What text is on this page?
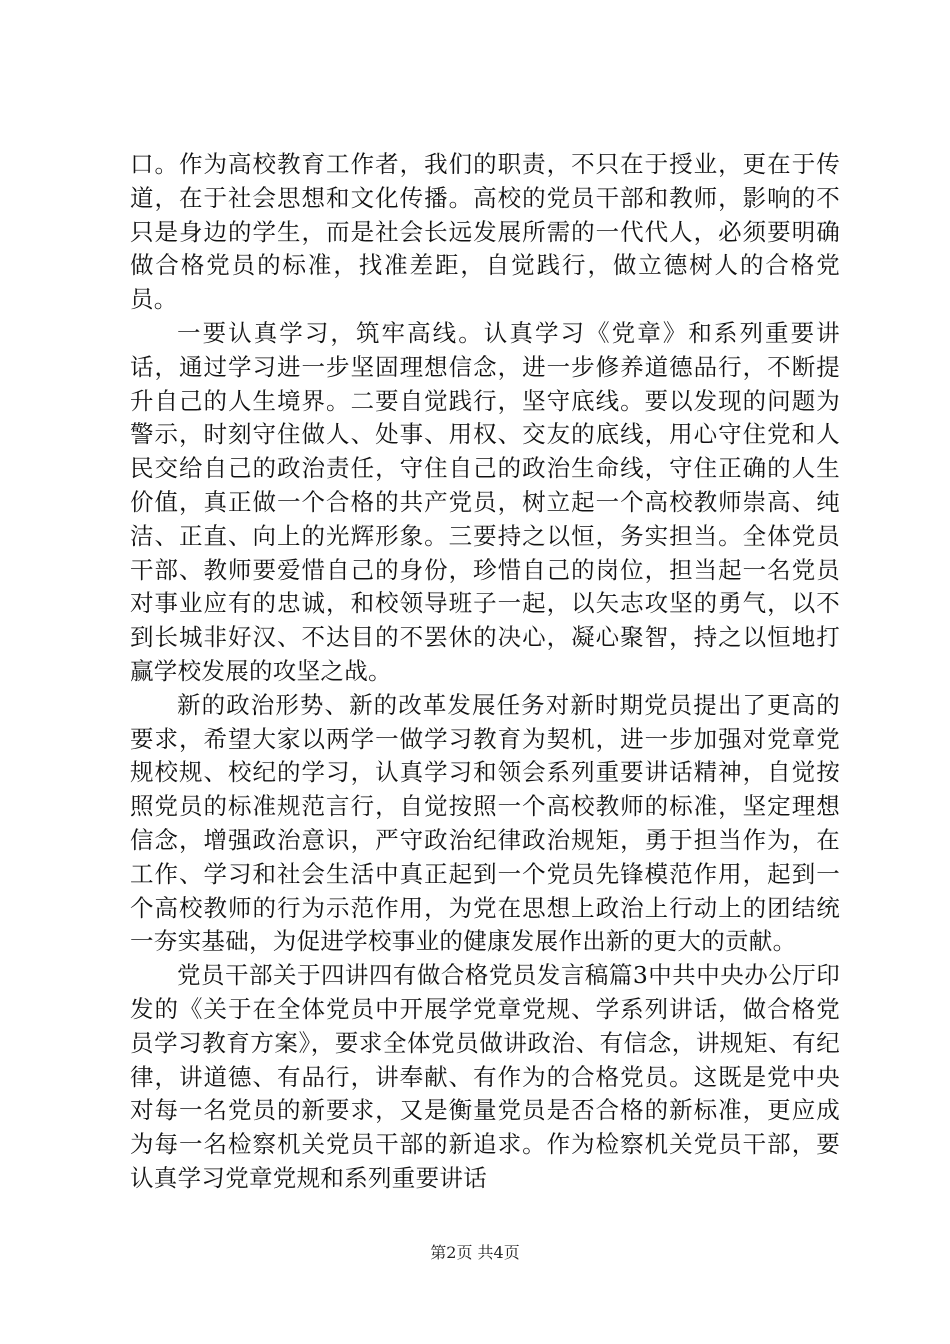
口。作为高校教育工作者，我们的职责，不只在于授业，更在于传道，在于社会思想和文化传播。高校的党员干部和教师，影响的不只是身边的学生，而是社会长远发展所需的一代代人，必须要明确做合格党员的标准，找准差距，自觉践行，做立德树人的合格党员。

一要认真学习，筑牢高线。认真学习《党章》和系列重要讲话，通过学习进一步坚固理想信念，进一步修养道德品行，不断提升自己的人生境界。二要自觉践行，坚守底线。要以发现的问题为警示，时刻守住做人、处事、用权、交友的底线，用心守住党和人民交给自己的政治责任，守住自己的政治生命线，守住正确的人生价值，真正做一个合格的共产党员，树立起一个高校教师崇高、纯洁、正直、向上的光辉形象。三要持之以恒，务实担当。全体党员干部、教师要爱惜自己的身份，珍惜自己的岗位，担当起一名党员对事业应有的忠诚，和校领导班子一起，以矢志攻坚的勇气，以不到长城非好汉、不达目的不罢休的决心，凝心聚智，持之以恒地打赢学校发展的攻坚之战。

新的政治形势、新的改革发展任务对新时期党员提出了更高的要求，希望大家以两学一做学习教育为契机，进一步加强对党章党规校规、校纪的学习，认真学习和领会系列重要讲话精神，自觉按照党员的标准规范言行，自觉按照一个高校教师的标准，坚定理想信念，增强政治意识，严守政治纪律政治规矩，勇于担当作为，在工作、学习和社会生活中真正起到一个党员先锋模范作用，起到一个高校教师的行为示范作用，为党在思想上政治上行动上的团结统一夯实基础，为促进学校事业的健康发展作出新的更大的贡献。

党员干部关于四讲四有做合格党员发言稿篇3中共中央办公厅印发的《关于在全体党员中开展学党章党规、学系列讲话，做合格党员学习教育方案》，要求全体党员做讲政治、有信念，讲规矩、有纪律，讲道德、有品行，讲奉献、有作为的合格党员。这既是党中央对每一名党员的新要求，又是衡量党员是否合格的新标准，更应成为每一名检察机关党员干部的新追求。作为检察机关党员干部，要认真学习党章党规和系列重要讲话

第2页 共4页
